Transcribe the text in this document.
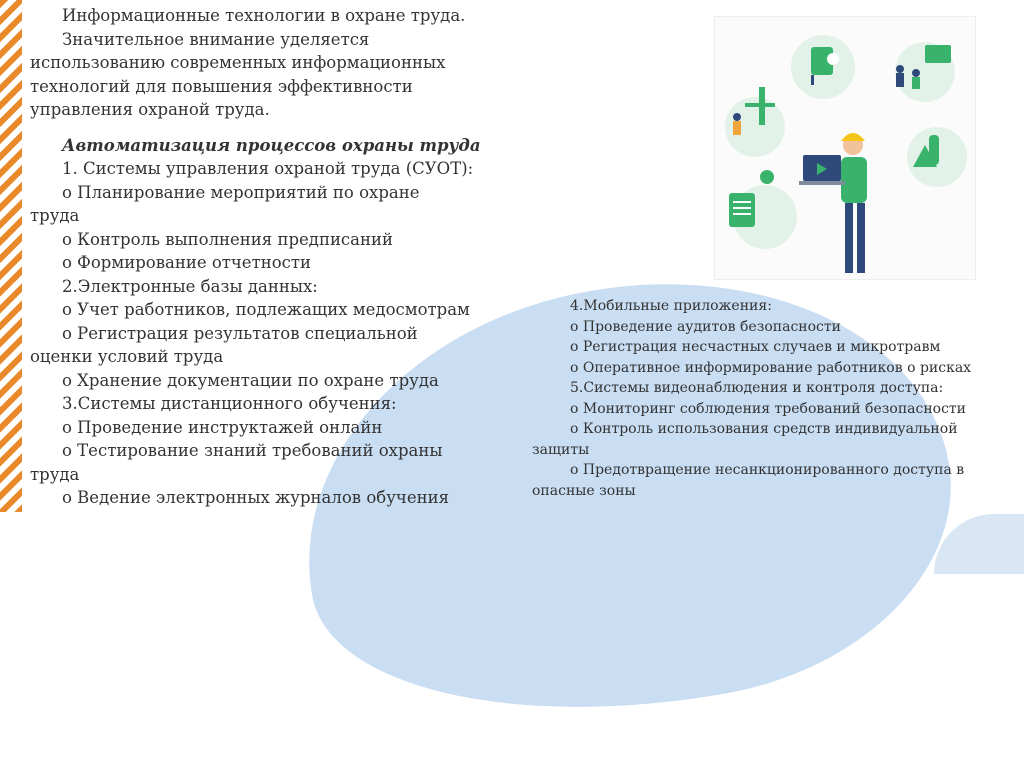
Информационные технологии в охране труда.

Значительное внимание уделяется

использованию современных информационных

технологий для повышения эффективности

управления охраной труда.

Автоматизация процессов охраны труда

1. Системы управления охраной труда (СУОТ):

o Планирование мероприятий по охране

труда

o Контроль выполнения предписаний

o Формирование отчетности

2.Электронные базы данных:

o Учет работников, подлежащих медосмотрам

o Регистрация результатов специальной

оценки условий труда

o Хранение документации по охране труда

3.Системы дистанционного обучения:

o Проведение инструктажей онлайн

o Тестирование знаний требований охраны

труда

o Ведение электронных журналов обучения

4.Мобильные приложения:

o Проведение аудитов безопасности

o Регистрация несчастных случаев и микротравм

o Оперативное информирование работников о рисках

5.Системы видеонаблюдения и контроля доступа:

o Мониторинг соблюдения требований безопасности

o Контроль использования средств индивидуальной

защиты

o Предотвращение несанкционированного доступа в

опасные зоны
